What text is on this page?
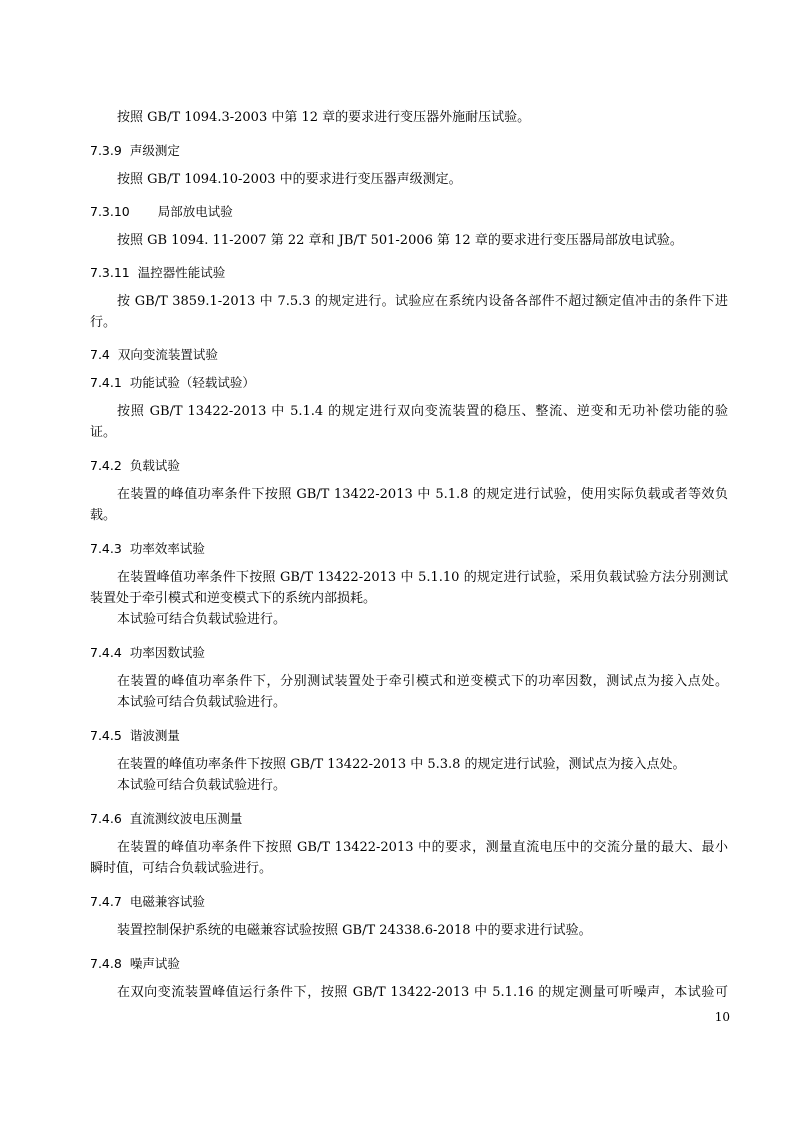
按照 GB/T 1094.3-2003 中第 12 章的要求进行变压器外施耐压试验。
7.3.9 声级测定
按照 GB/T 1094.10-2003 中的要求进行变压器声级测定。
7.3.10 局部放电试验
按照 GB 1094. 11-2007 第 22 章和 JB/T 501-2006 第 12 章的要求进行变压器局部放电试验。
7.3.11 温控器性能试验
按 GB/T 3859.1-2013 中 7.5.3 的规定进行。试验应在系统内设备各部件不超过额定值冲击的条件下进
行。
7.4 双向变流装置试验
7.4.1 功能试验（轻载试验）
按照 GB/T 13422-2013 中 5.1.4 的规定进行双向变流装置的稳压、整流、逆变和无功补偿功能的验
证。
7.4.2 负载试验
在装置的峰值功率条件下按照 GB/T 13422-2013 中 5.1.8 的规定进行试验，使用实际负载或者等效负
载。
7.4.3 功率效率试验
在装置峰值功率条件下按照 GB/T 13422-2013 中 5.1.10 的规定进行试验，采用负载试验方法分别测试
装置处于牵引模式和逆变模式下的系统内部损耗。
本试验可结合负载试验进行。
7.4.4 功率因数试验
在装置的峰值功率条件下，分别测试装置处于牵引模式和逆变模式下的功率因数，测试点为接入点处。
本试验可结合负载试验进行。
7.4.5 谐波测量
在装置的峰值功率条件下按照 GB/T 13422-2013 中 5.3.8 的规定进行试验，测试点为接入点处。
本试验可结合负载试验进行。
7.4.6 直流测纹波电压测量
在装置的峰值功率条件下按照 GB/T 13422-2013 中的要求，测量直流电压中的交流分量的最大、最小
瞬时值，可结合负载试验进行。
7.4.7 电磁兼容试验
装置控制保护系统的电磁兼容试验按照 GB/T 24338.6-2018 中的要求进行试验。
7.4.8 噪声试验
在双向变流装置峰值运行条件下，按照 GB/T 13422-2013 中 5.1.16 的规定测量可听噪声，本试验可
10
